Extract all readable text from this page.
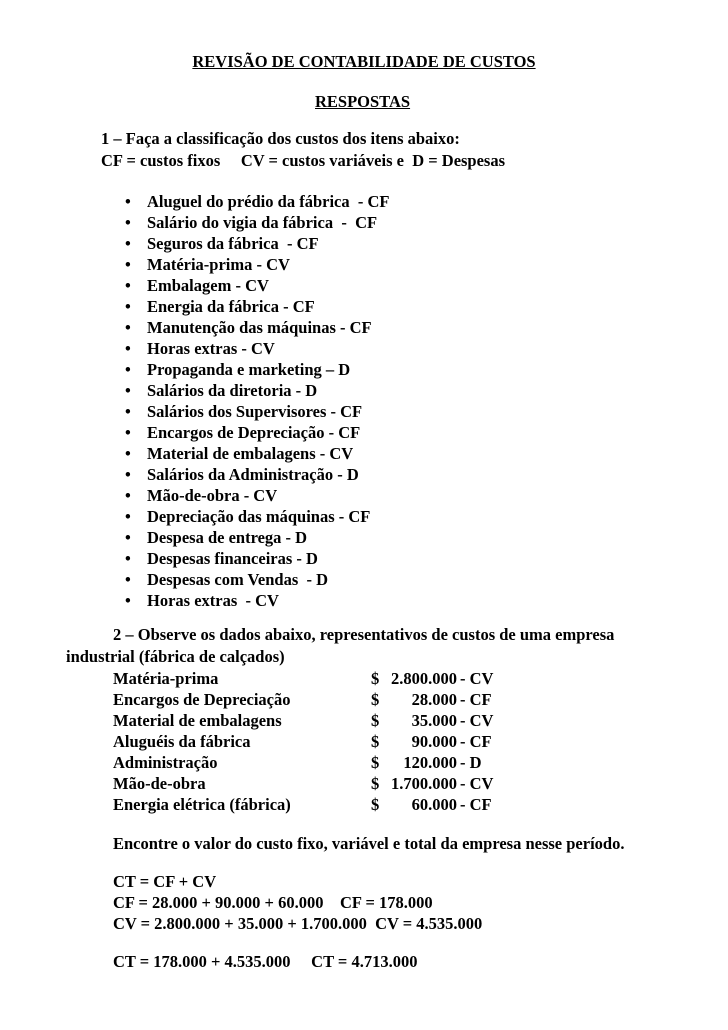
REVISÃO DE CONTABILIDADE DE CUSTOS
RESPOSTAS
1 – Faça a classificação dos custos dos itens abaixo:
CF = custos fixos     CV = custos variáveis e  D = Despesas
• Aluguel do prédio da fábrica  - CF
• Salário do vigia da fábrica  -  CF
• Seguros da fábrica  - CF
• Matéria-prima - CV
• Embalagem - CV
• Energia da fábrica - CF
• Manutenção das máquinas - CF
• Horas extras - CV
• Propaganda e marketing – D
• Salários da diretoria - D
• Salários dos Supervisores - CF
• Encargos de Depreciação - CF
• Material de embalagens - CV
• Salários da Administração - D
• Mão-de-obra - CV
• Depreciação das máquinas - CF
• Despesa de entrega - D
• Despesas financeiras - D
• Despesas com Vendas  - D
• Horas extras  - CV
2 – Observe os dados abaixo, representativos de custos de uma empresa
industrial (fábrica de calçados)
Matéria-prima	$ 2.800.000 - CV
Encargos de Depreciação	$	28.000 - CF
Material de embalagens	$	35.000 - CV
Aluguéis da fábrica	$	90.000 - CF
Administração	$	120.000 - D
Mão-de-obra	$ 1.700.000 - CV
Energia elétrica (fábrica)	$	60.000 - CF
Encontre o valor do custo fixo, variável e total da empresa nesse período.
CT = CF + CV
CF = 28.000 + 90.000 + 60.000    CF = 178.000
CV = 2.800.000 + 35.000 + 1.700.000  CV = 4.535.000
CT = 178.000 + 4.535.000     CT = 4.713.000
